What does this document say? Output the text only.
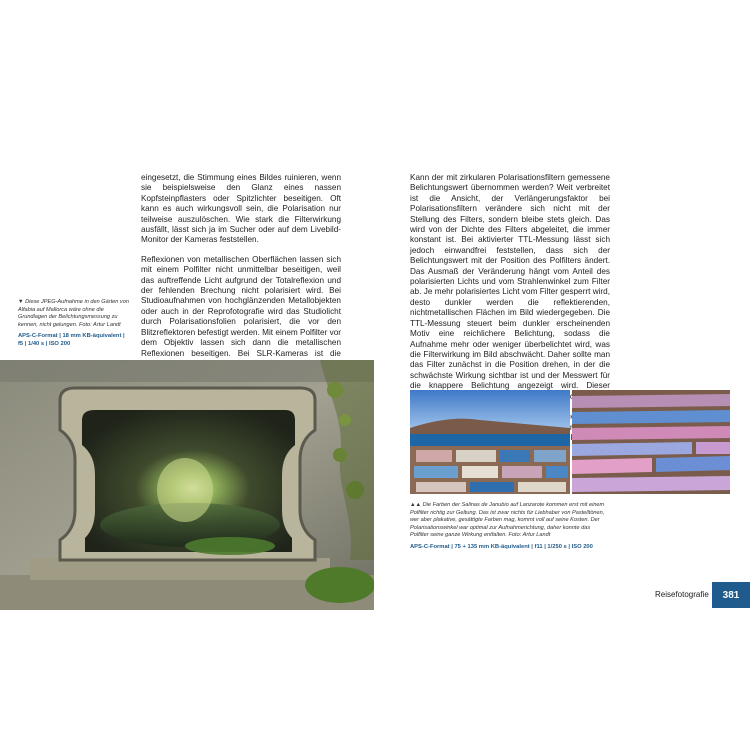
eingesetzt, die Stimmung eines Bildes ruinieren, wenn sie beispielsweise den Glanz eines nassen Kopfsteinpflasters oder Spitzlichter beseitigen. Oft kann es auch wirkungsvoll sein, die Polarisation nur teilweise auszulöschen. Wie stark die Filterwirkung ausfällt, lässt sich ja im Sucher oder auf dem Livebild-Monitor der Kameras feststellen.

Reflexionen von metallischen Oberflächen lassen sich mit einem Polfilter nicht unmittelbar beseitigen, weil das auftreffende Licht aufgrund der Totalreflexion und der fehlenden Brechung nicht polarisiert wird. Bei Studioaufnahmen von hochglänzenden Metallobjekten oder auch in der Reprofotografie wird das Studiolicht durch Polarisationsfolien polarisiert, die vor den Blitzreflektoren befestigt werden. Mit einem Polfilter vor dem Objektiv lassen sich dann die metallischen Reflexionen beseitigen. Bei SLR-Kameras ist die

▼ Diese JPEG-Aufnahme in den Gärten von Alfabia auf Mallorca wäre ohne die Grundlagen der Belichtungsmessung zu kennen, nicht gelungen. Foto: Artur Landt
APS-C-Format | 18 mm KB-äquivalent | f5 | 1/40 s | ISO 200

Kann der mit zirkularen Polarisationsfiltern gemessene Belichtungswert übernommen werden? Weit verbreitet ist die Ansicht, der Verlängerungsfaktor bei Polarisationsfiltern verändere sich nicht mit der Stellung des Filters, sondern bleibe stets gleich. Das wird von der Dichte des Filters abgeleitet, die immer konstant ist. Bei aktivierter TTL-Messung lässt sich jedoch einwandfrei feststellen, dass sich der Belichtungswert mit der Position des Polfilters ändert. Das Ausmaß der Veränderung hängt vom Anteil des polarisierten Lichts und vom Strahlenwinkel zum Filter ab. Je mehr polarisiertes Licht vom Filter gesperrt wird, desto dunkler werden die reflektierenden, nichtmetallischen Flächen im Bild wiedergegeben. Die TTL-Messung steuert beim dunkler erscheinenden Motiv eine reichlichere Belichtung, sodass die Aufnahme mehr oder weniger überbelichtet wird, was die Filterwirkung im Bild abschwächt. Daher sollte man das Filter zunächst in die Position drehen, in der die schwächste Wirkung sichtbar ist und der Messwert für die knappere Belichtung angezeigt wird. Dieser

▲▲ Die Farben der Salinas de Janubio auf Lanzarote kommen erst mit einem Polfilter richtig zur Geltung. Das ist zwar nichts für Liebhaber von Pastelltönen, wer aber plakative, gesättigte Farben mag, kommt voll auf seine Kosten. Der Polarisationswinkel war optimal zur Aufnahmerichtung, daher konnte das Polfilter seine ganze Wirkung entfalten. Foto: Artur Landt
APS-C-Format | 75 + 135 mm KB-äquivalent | f11 | 1/250 s | ISO 200
Reisefotografie	381
